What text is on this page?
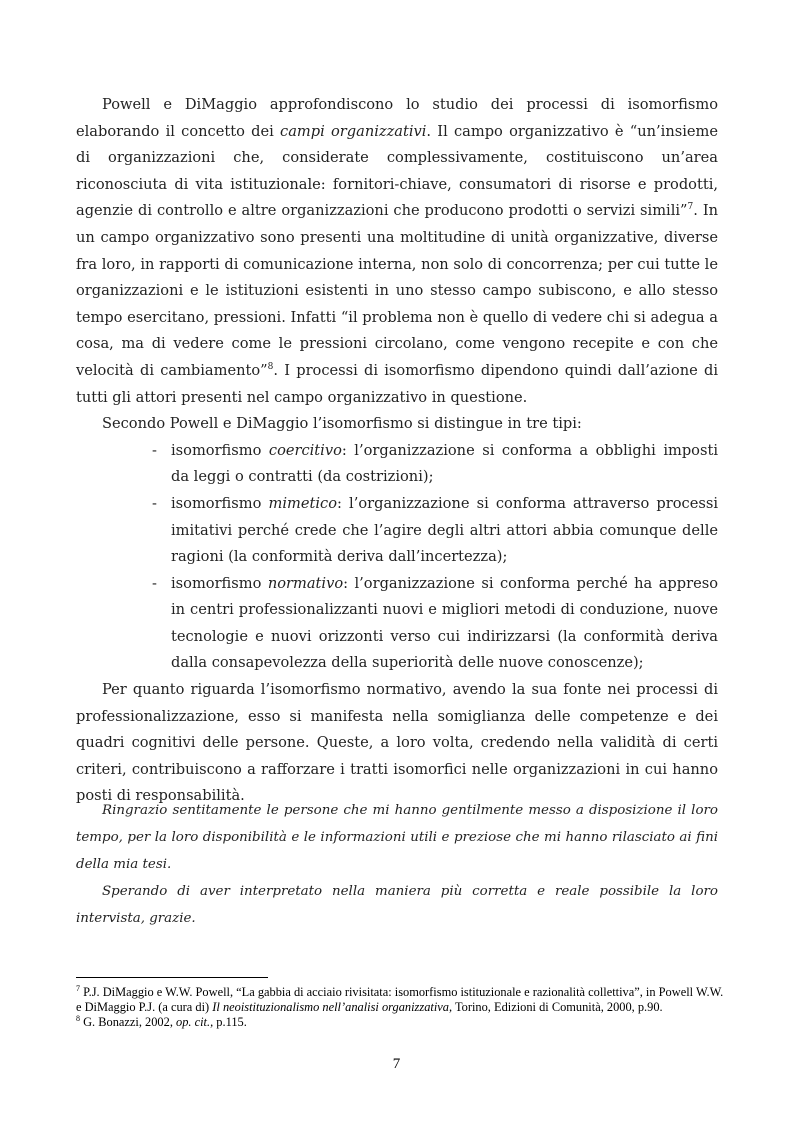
Powell e DiMaggio approfondiscono lo studio dei processi di isomorfismo elaborando il concetto dei campi organizzativi. Il campo organizzativo è “un’insieme di organizzazioni che, considerate complessivamente, costituiscono un’area riconosciuta di vita istituzionale: fornitori-chiave, consumatori di risorse e prodotti, agenzie di controllo e altre organizzazioni che producono prodotti o servizi simili”$^7$. In un campo organizzativo sono presenti una moltitudine di unità organizzative, diverse fra loro, in rapporti di comunicazione interna, non solo di concorrenza; per cui tutte le organizzazioni e le istituzioni esistenti in uno stesso campo subiscono, e allo stesso tempo esercitano, pressioni. Infatti “il problema non è quello di vedere chi si adegua a cosa, ma di vedere come le pressioni circolano, come vengono recepite e con che velocità di cambiamento”$^8$. I processi di isomorfismo dipendono quindi dall’azione di tutti gli attori presenti nel campo organizzativo in questione.

Secondo Powell e DiMaggio l’isomorfismo si distingue in tre tipi:

- isomorfismo coercitivo: l’organizzazione si conforma a obblighi imposti da leggi o contratti (da costrizioni);
- isomorfismo mimetico: l’organizzazione si conforma attraverso processi imitativi perché crede che l’agire degli altri attori abbia comunque delle ragioni (la conformità deriva dall’incertezza);
- isomorfismo normativo: l’organizzazione si conforma perché ha appreso in centri professionalizzanti nuovi e migliori metodi di conduzione, nuove tecnologie e nuovi orizzonti verso cui indirizzarsi (la conformità deriva dalla consapevolezza della superiorità delle nuove conoscenze);

Per quanto riguarda l’isomorfismo normativo, avendo la sua fonte nei processi di professionalizzazione, esso si manifesta nella somiglianza delle competenze e dei quadri cognitivi delle persone. Queste, a loro volta, credendo nella validità di certi criteri, contribuiscono a rafforzare i tratti isomorfici nelle organizzazioni in cui hanno posti di responsabilità.

Ringrazio sentitamente le persone che mi hanno gentilmente messo a disposizione il loro tempo, per la loro disponibilità e le informazioni utili e preziose che mi hanno rilasciato ai fini della mia tesi.

Sperando di aver interpretato nella maniera più corretta e reale possibile la loro intervista, grazie.

$^7$ P.J. DiMaggio e W.W. Powell, “La gabbia di acciaio rivisitata: isomorfismo istituzionale e razionalità collettiva”, in Powell W.W. e DiMaggio P.J. (a cura di) Il neoistituzionalismo nell’analisi organizzativa, Torino, Edizioni di Comunità, 2000, p.90.

$^8$ G. Bonazzi, 2002, op. cit., p.115.

7
